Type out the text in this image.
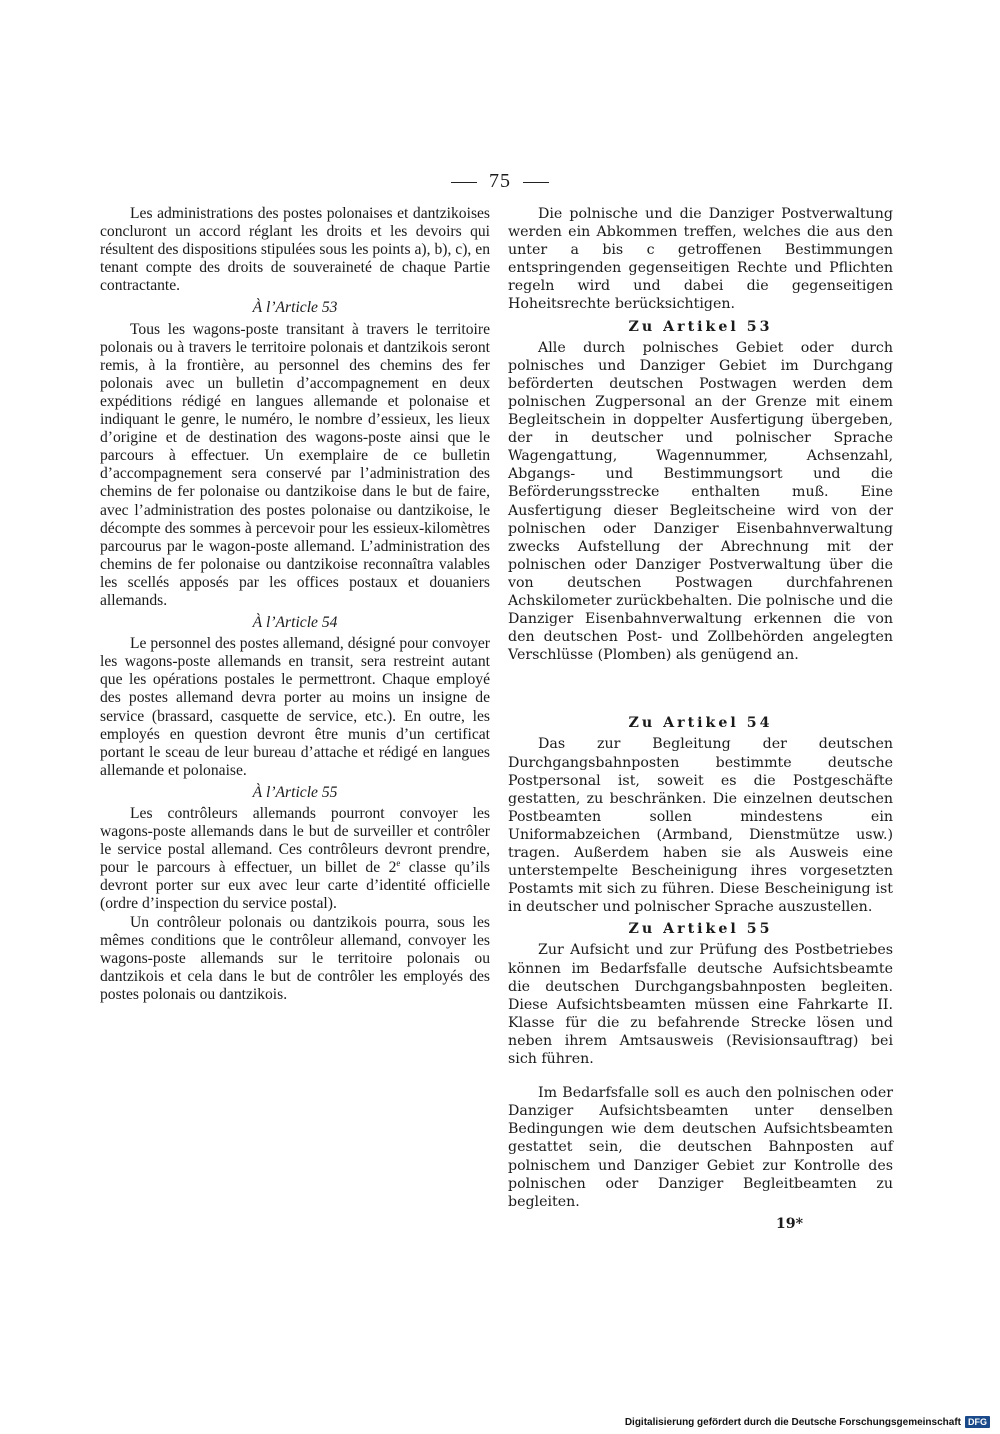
75

Les administrations des postes polonaises et dantzikoises concluront un accord réglant les droits et les devoirs qui résultent des dispositions stipulées sous les points a), b), c), en tenant compte des droits de souveraineté de chaque Partie contractante.

À l’Article 53

Tous les wagons-poste transitant à travers le territoire polonais ou à travers le territoire polonais et dantzikois seront remis, à la frontière, au personnel des chemins des fer polonais avec un bulletin d’accompagnement en deux expéditions rédigé en langues allemande et polonaise et indiquant le genre, le numéro, le nombre d’essieux, les lieux d’origine et de destination des wagons-poste ainsi que le parcours à effectuer. Un exemplaire de ce bulletin d’accompagnement sera conservé par l’administration des chemins de fer polonaise ou dantzikoise dans le but de faire, avec l’administration des postes polonaise ou dantzikoise, le décompte des sommes à percevoir pour les essieux-kilomètres parcourus par le wagon-poste allemand. L’administration des chemins de fer polonaise ou dantzikoise reconnaîtra valables les scellés apposés par les offices postaux et douaniers allemands.

À l’Article 54

Le personnel des postes allemand, désigné pour convoyer les wagons-poste allemands en transit, sera restreint autant que les opérations postales le permettront. Chaque employé des postes allemand devra porter au moins un insigne de service (brassard, casquette de service, etc.). En outre, les employés en question devront être munis d’un certificat portant le sceau de leur bureau d’attache et rédigé en langues allemande et polonaise.

À l’Article 55

Les contrôleurs allemands pourront convoyer les wagons-poste allemands dans le but de surveiller et contrôler le service postal allemand. Ces contrôleurs devront prendre, pour le parcours à effectuer, un billet de 2e classe qu’ils devront porter sur eux avec leur carte d’identité officielle (ordre d’inspection du service postal).

Un contrôleur polonais ou dantzikois pourra, sous les mêmes conditions que le contrôleur allemand, convoyer les wagons-poste allemands sur le territoire polonais ou dantzikois et cela dans le but de contrôler les employés des postes polonais ou dantzikois.

Die polnische und die Danziger Postverwaltung werden ein Abkommen treffen, welches die aus den unter a bis c getroffenen Bestimmungen entspringenden gegenseitigen Rechte und Pflichten regeln wird und dabei die gegenseitigen Hoheitsrechte berücksichtigen.

Zu Artikel 53

Alle durch polnisches Gebiet oder durch polnisches und Danziger Gebiet im Durchgang beförderten deutschen Postwagen werden dem polnischen Zugpersonal an der Grenze mit einem Begleitschein in doppelter Ausfertigung übergeben, der in deutscher und polnischer Sprache Wagengattung, Wagennummer, Achsenzahl, Abgangs- und Bestimmungsort und die Beförderungsstrecke enthalten muß. Eine Ausfertigung dieser Begleitscheine wird von der polnischen oder Danziger Eisenbahnverwaltung zwecks Aufstellung der Abrechnung mit der polnischen oder Danziger Postverwaltung über die von deutschen Postwagen durchfahrenen Achskilometer zurückbehalten. Die polnische und die Danziger Eisenbahnverwaltung erkennen die von den deutschen Post- und Zollbehörden angelegten Verschlüsse (Plomben) als genügend an.

Zu Artikel 54

Das zur Begleitung der deutschen Durchgangsbahnposten bestimmte deutsche Postpersonal ist, soweit es die Postgeschäfte gestatten, zu beschränken. Die einzelnen deutschen Postbeamten sollen mindestens ein Uniformabzeichen (Armband, Dienstmütze usw.) tragen. Außerdem haben sie als Ausweis eine unterstempelte Bescheinigung ihres vorgesetzten Postamts mit sich zu führen. Diese Bescheinigung ist in deutscher und polnischer Sprache auszustellen.

Zu Artikel 55

Zur Aufsicht und zur Prüfung des Postbetriebes können im Bedarfsfalle deutsche Aufsichtsbeamte die deutschen Durchgangsbahnposten begleiten. Diese Aufsichtsbeamten müssen eine Fahrkarte II. Klasse für die zu befahrende Strecke lösen und neben ihrem Amtsausweis (Revisionsauftrag) bei sich führen.

Im Bedarfsfalle soll es auch den polnischen oder Danziger Aufsichtsbeamten unter denselben Bedingungen wie dem deutschen Aufsichtsbeamten gestattet sein, die deutschen Bahnposten auf polnischem und Danziger Gebiet zur Kontrolle des polnischen oder Danziger Begleitbeamten zu begleiten.

19*
Digitalisierung gefördert durch die Deutsche Forschungsgemeinschaft DFG
